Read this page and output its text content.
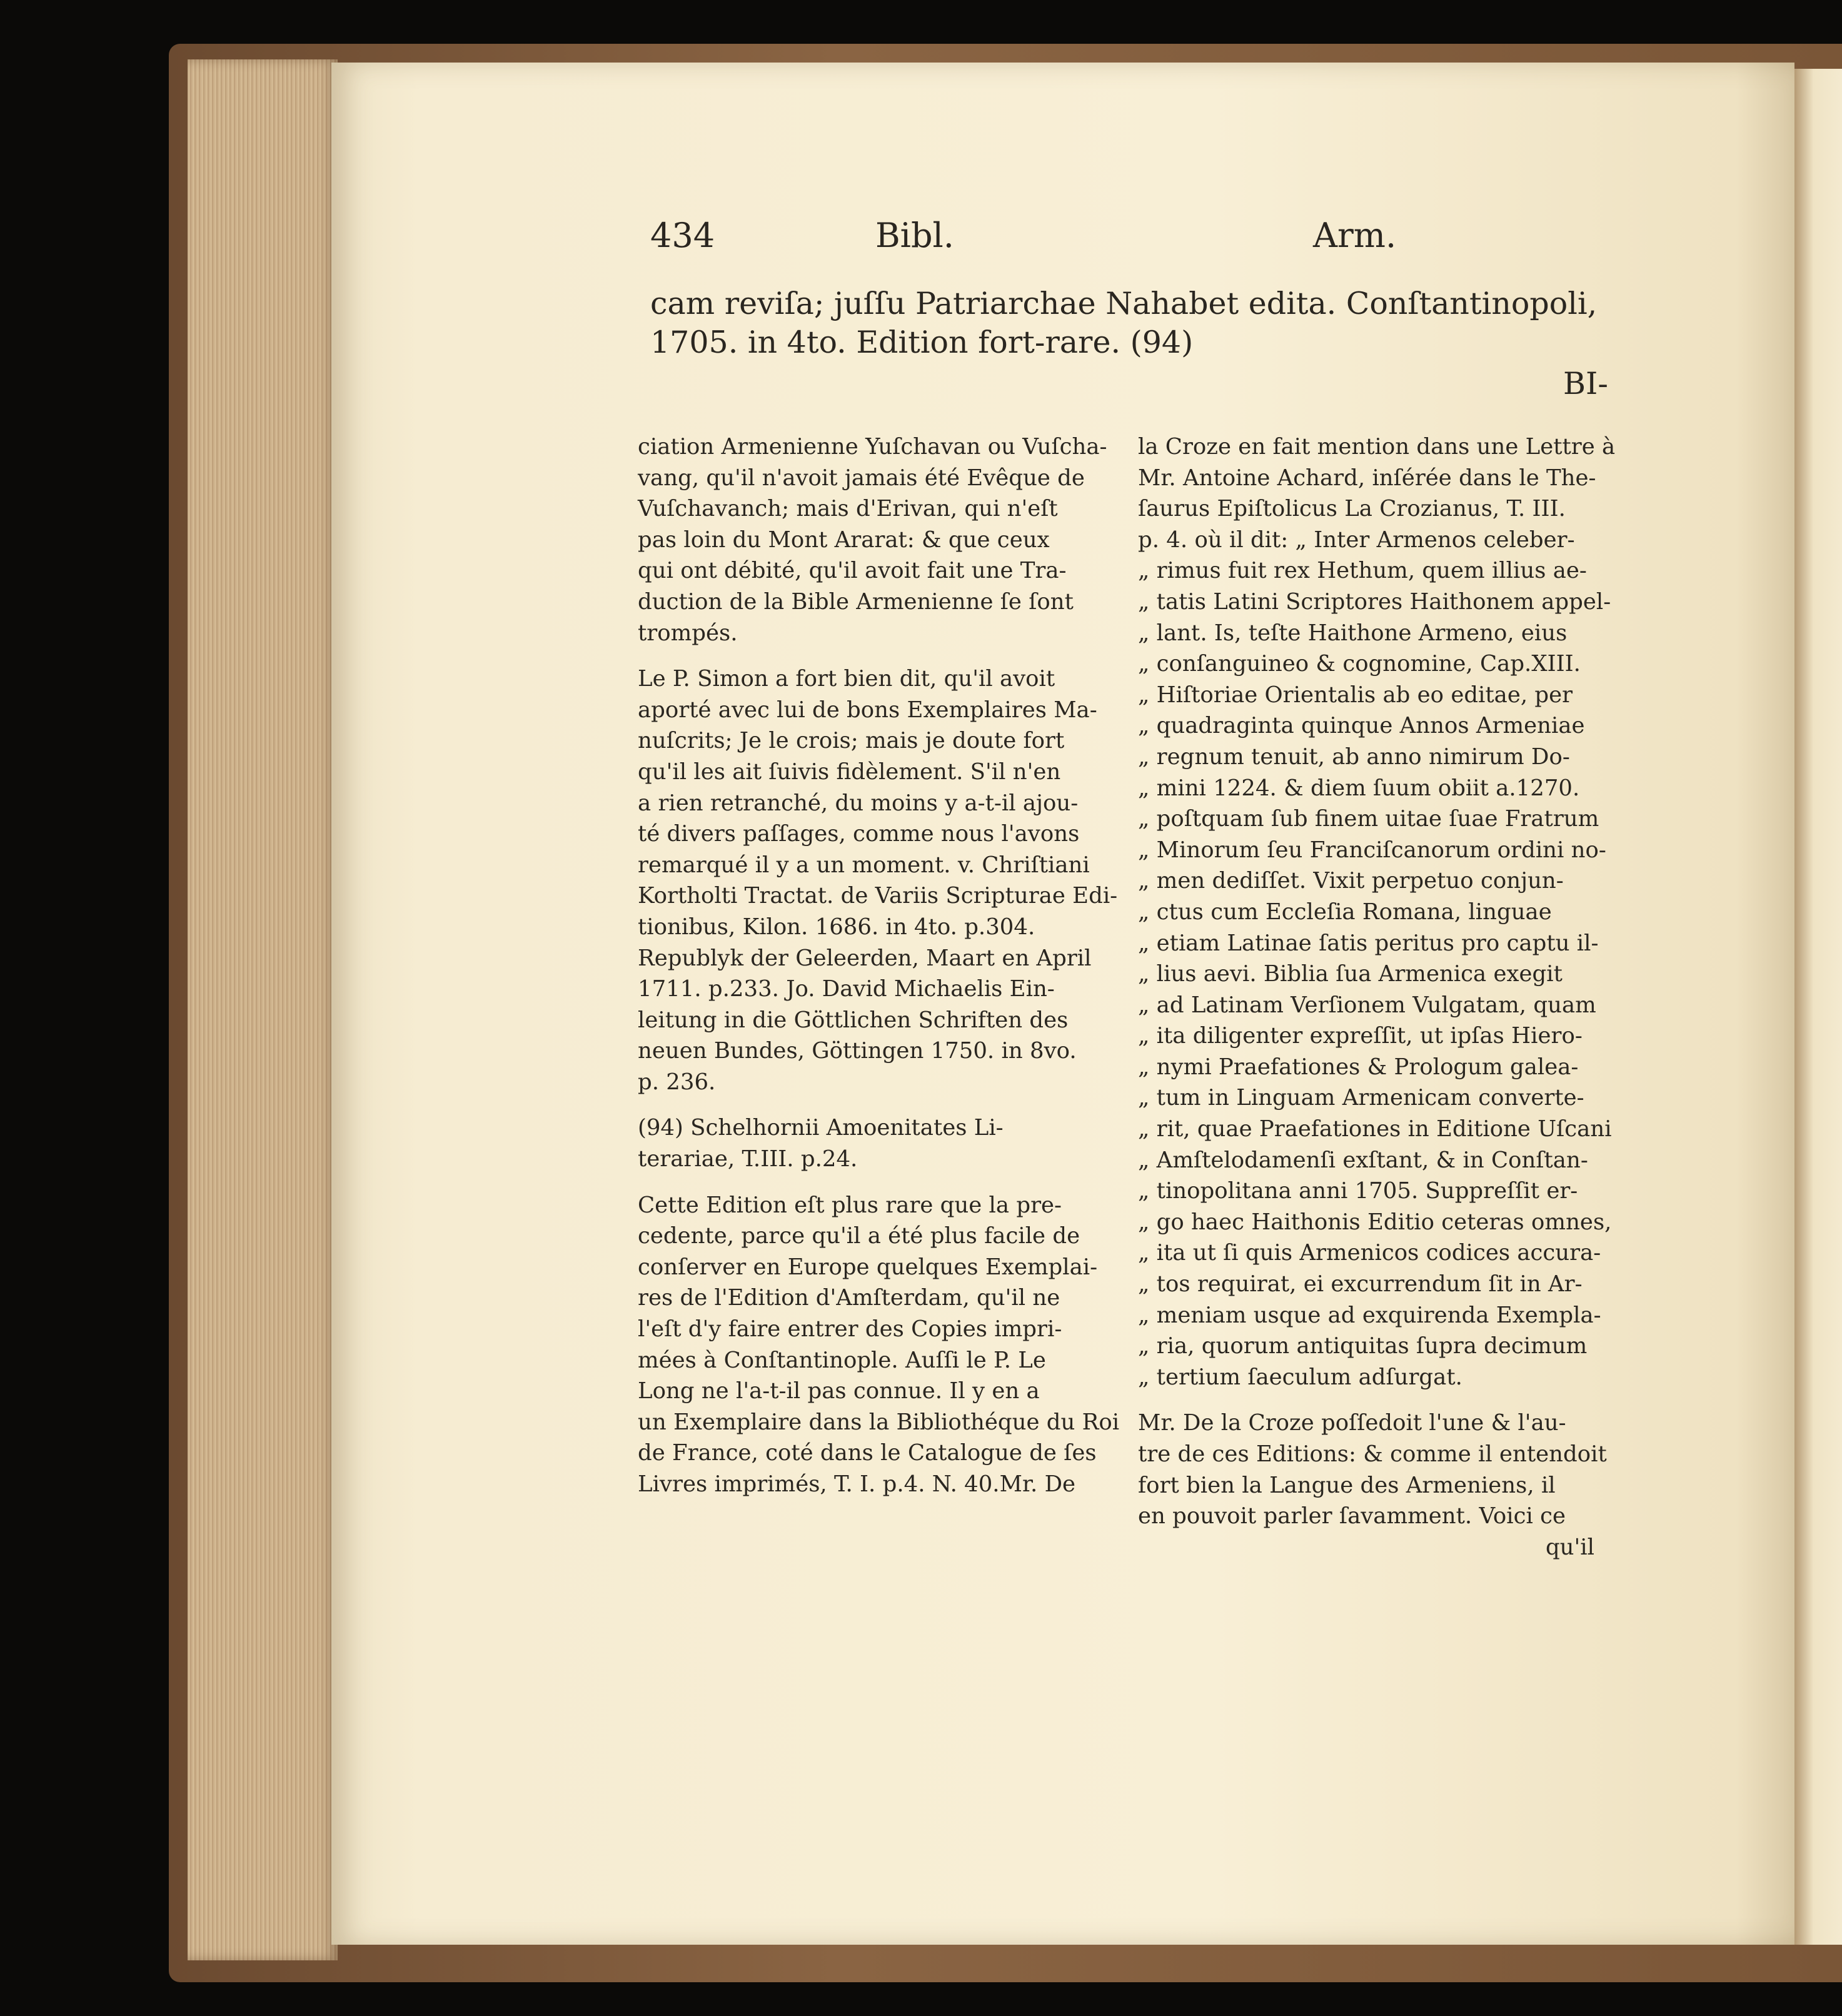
434	Bibl.	Arm.

cam reviſa; juſſu Patriarchae Nahabet edita. Conſtantinopoli,

1705. in 4to. Edition fort-rare. (94)

BI-

ciation Armenienne Yuſchavan ou Vuſcha-
vang, qu'il n'avoit jamais été Evêque de
Vuſchavanch; mais d'Erivan, qui n'eſt
pas loin du Mont Ararat: & que ceux
qui ont débité, qu'il avoit fait une Tra-
duction de la Bible Armenienne ſe ſont
trompés.

Le P. Simon a fort bien dit, qu'il avoit
aporté avec lui de bons Exemplaires Ma-
nuſcrits; Je le crois; mais je doute fort
qu'il les ait ſuivis fidèlement. S'il n'en
a rien retranché, du moins y a-t-il ajou-
té divers paſſages, comme nous l'avons
remarqué il y a un moment. v. Chriſtiani
Kortholti Tractat. de Variis Scripturae Edi-
tionibus, Kilon. 1686. in 4to. p.304.
Republyk der Geleerden, Maart en April
1711. p.233. Jo. David Michaelis Ein-
leitung in die Göttlichen Schriften des
neuen Bundes, Göttingen 1750. in 8vo.
p. 236.

(94) Schelhornii Amoenitates Li-
terariae, T.III. p.24.

Cette Edition eſt plus rare que la pre-
cedente, parce qu'il a été plus facile de
conſerver en Europe quelques Exemplai-
res de l'Edition d'Amſterdam, qu'il ne
l'eſt d'y faire entrer des Copies impri-
mées à Conſtantinople. Auſſi le P. Le
Long ne l'a-t-il pas connue. Il y en a
un Exemplaire dans la Bibliothéque du Roi
de France, coté dans le Catalogue de ſes
Livres imprimés, T. I. p.4. N. 40.Mr. De

la Croze en fait mention dans une Lettre à
Mr. Antoine Achard, inſérée dans le The-
ſaurus Epiſtolicus La Crozianus, T. III.
p. 4. où il dit: „ Inter Armenos celeber-
„ rimus fuit rex Hethum, quem illius ae-
„ tatis Latini Scriptores Haithonem appel-
„ lant. Is, teſte Haithone Armeno, eius
„ conſanguineo & cognomine, Cap.XIII.
„ Hiſtoriae Orientalis ab eo editae, per
„ quadraginta quinque Annos Armeniae
„ regnum tenuit, ab anno nimirum Do-
„ mini 1224. & diem ſuum obiit a.1270.
„ poſtquam ſub finem uitae ſuae Fratrum
„ Minorum ſeu Franciſcanorum ordini no-
„ men dediſſet. Vixit perpetuo conjun-
„ ctus cum Eccleſia Romana, linguae
„ etiam Latinae ſatis peritus pro captu il-
„ lius aevi. Biblia ſua Armenica exegit
„ ad Latinam Verſionem Vulgatam, quam
„ ita diligenter expreſſit, ut ipſas Hiero-
„ nymi Praefationes & Prologum galea-
„ tum in Linguam Armenicam converte-
„ rit, quae Praefationes in Editione Uſcani
„ Amſtelodamenſi exſtant, & in Conſtan-
„ tinopolitana anni 1705. Suppreſſit er-
„ go haec Haithonis Editio ceteras omnes,
„ ita ut ſi quis Armenicos codices accura-
„ tos requirat, ei excurrendum ſit in Ar-
„ meniam usque ad exquirenda Exempla-
„ ria, quorum antiquitas ſupra decimum
„ tertium ſaeculum adſurgat.

Mr. De la Croze poſſedoit l'une & l'au-
tre de ces Editions: & comme il entendoit
fort bien la Langue des Armeniens, il
en pouvoit parler ſavamment. Voici ce
qu'il
